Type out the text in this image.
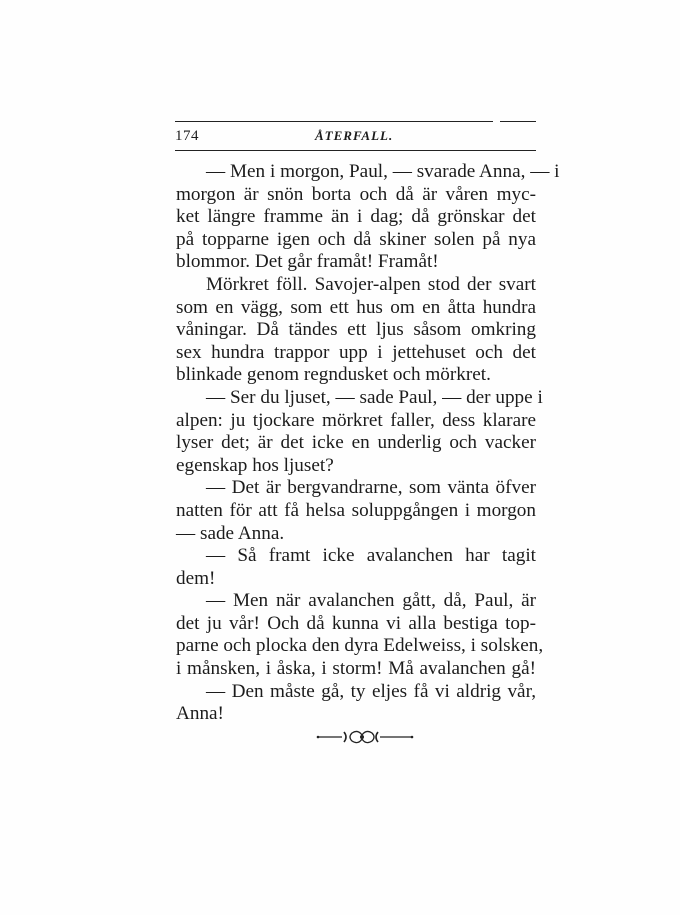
174	ÅTERFALL.
— Men i morgon, Paul, — svarade Anna, — i
morgon är snön borta och då är våren myc-
ket längre framme än i dag; då grönskar det
på topparne igen och då skiner solen på nya
blommor. Det går framåt! Framåt!
Mörkret föll. Savojer-alpen stod der svart
som en vägg, som ett hus om en åtta hundra
våningar. Då tändes ett ljus såsom omkring
sex hundra trappor upp i jettehuset och det
blinkade genom regndusket och mörkret.
— Ser du ljuset, — sade Paul, — der uppe i
alpen: ju tjockare mörkret faller, dess klarare
lyser det; är det icke en underlig och vacker
egenskap hos ljuset?
— Det är bergvandrarne, som vänta öfver
natten för att få helsa soluppgången i morgon
— sade Anna.
— Så framt icke avalanchen har tagit
dem!
— Men när avalanchen gått, då, Paul, är
det ju vår! Och då kunna vi alla bestiga top-
parne och plocka den dyra Edelweiss, i solsken,
i månsken, i åska, i storm! Må avalanchen gå!
— Den måste gå, ty eljes få vi aldrig vår,
Anna!
